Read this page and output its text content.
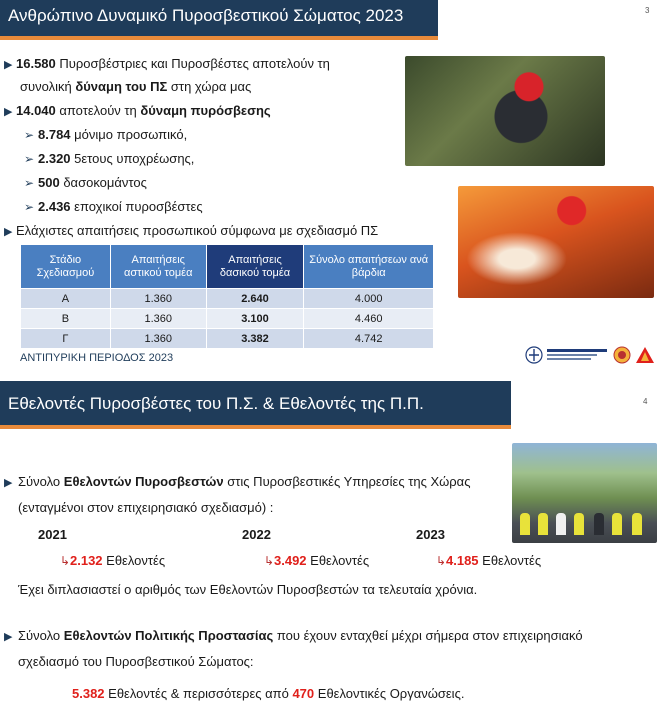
Ανθρώπινο Δυναμικό Πυροσβεστικού Σώματος 2023	3
▶ 16.580 Πυροσβέστριες και Πυροσβέστες αποτελούν τη
συνολική δύναμη του ΠΣ στη χώρα μας
▶ 14.040 αποτελούν τη δύναμη πυρόσβεσης
➢ 8.784 μόνιμο προσωπικό,
➢ 2.320 5ετους υποχρέωσης,
➢ 500 δασοκομάντος
➢ 2.436 εποχικοί πυροσβέστες
▶ Ελάχιστες απαιτήσεις προσωπικού σύμφωνα με σχεδιασμό ΠΣ
Στάδιο Σχεδιασμού	Απαιτήσεις αστικού τομέα	Απαιτήσεις δασικού τομέα	Σύνολο απαιτήσεων ανά βάρδια
Α	1.360	2.640	4.000
Β	1.360	3.100	4.460
Γ	1.360	3.382	4.742
ΑΝΤΙΠΥΡΙΚΗ ΠΕΡΙΟΔΟΣ 2023
Εθελοντές Πυροσβέστες του Π.Σ. & Εθελοντές της Π.Π.	4
▶ Σύνολο Εθελοντών Πυροσβεστών στις Πυροσβεστικές Υπηρεσίες της Χώρας
(ενταγμένοι στον επιχειρησιακό σχεδιασμό) :
2021	2022	2023
↳2.132 Εθελοντές	↳3.492 Εθελοντές	↳4.185 Εθελοντές
Έχει διπλασιαστεί ο αριθμός των Εθελοντών Πυροσβεστών τα τελευταία χρόνια.
▶ Σύνολο Εθελοντών Πολιτικής Προστασίας που έχουν ενταχθεί μέχρι σήμερα στον επιχειρησιακό
σχεδιασμό του Πυροσβεστικού Σώματος:
5.382 Εθελοντές & περισσότερες από 470 Εθελοντικές Οργανώσεις.
